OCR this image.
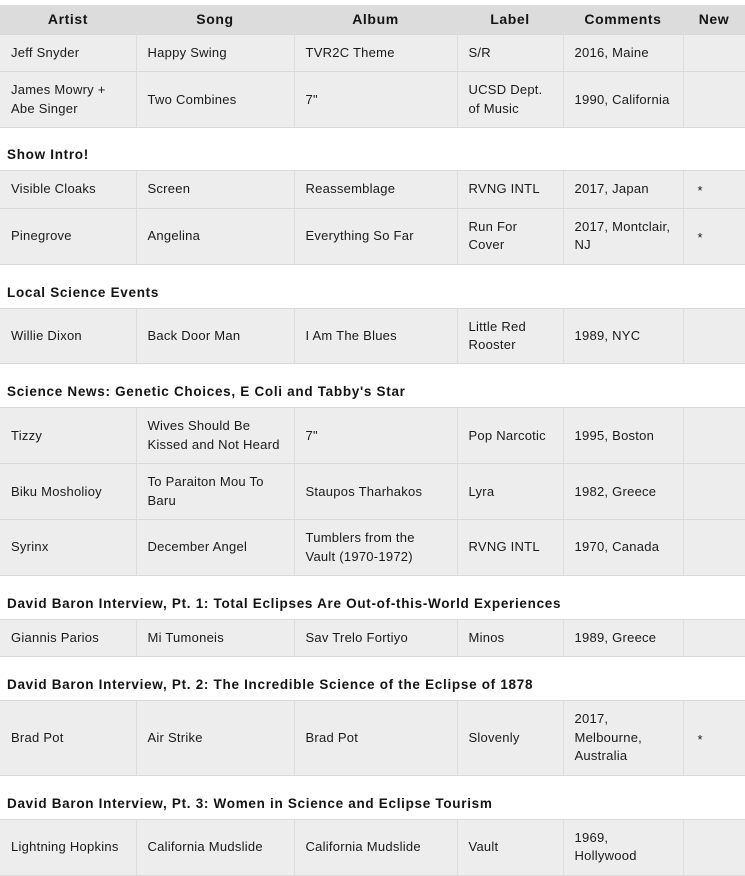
Artist	Song	Album	Label	Comments	New
Jeff Snyder	Happy Swing	TVR2C Theme	S/R	2016, Maine	
James Mowry + Abe Singer	Two Combines	7"	UCSD Dept. of Music	1990, California	
Show Intro!
Visible Cloaks	Screen	Reassemblage	RVNG INTL	2017, Japan	*
Pinegrove	Angelina	Everything So Far	Run For Cover	2017, Montclair, NJ	*
Local Science Events
Willie Dixon	Back Door Man	I Am The Blues	Little Red Rooster	1989, NYC	
Science News: Genetic Choices, E Coli and Tabby's Star
Tizzy	Wives Should Be Kissed and Not Heard	7"	Pop Narcotic	1995, Boston	
Biku Mosholioy	To Paraiton Mou To Baru	Staupos Tharhakos	Lyra	1982, Greece	
Syrinx	December Angel	Tumblers from the Vault (1970-1972)	RVNG INTL	1970, Canada	
David Baron Interview, Pt. 1: Total Eclipses Are Out-of-this-World Experiences
Giannis Parios	Mi Tumoneis	Sav Trelo Fortiyo	Minos	1989, Greece	
David Baron Interview, Pt. 2: The Incredible Science of the Eclipse of 1878
Brad Pot	Air Strike	Brad Pot	Slovenly	2017, Melbourne, Australia	*
David Baron Interview, Pt. 3: Women in Science and Eclipse Tourism
Lightning Hopkins	California Mudslide	California Mudslide	Vault	1969, Hollywood	
